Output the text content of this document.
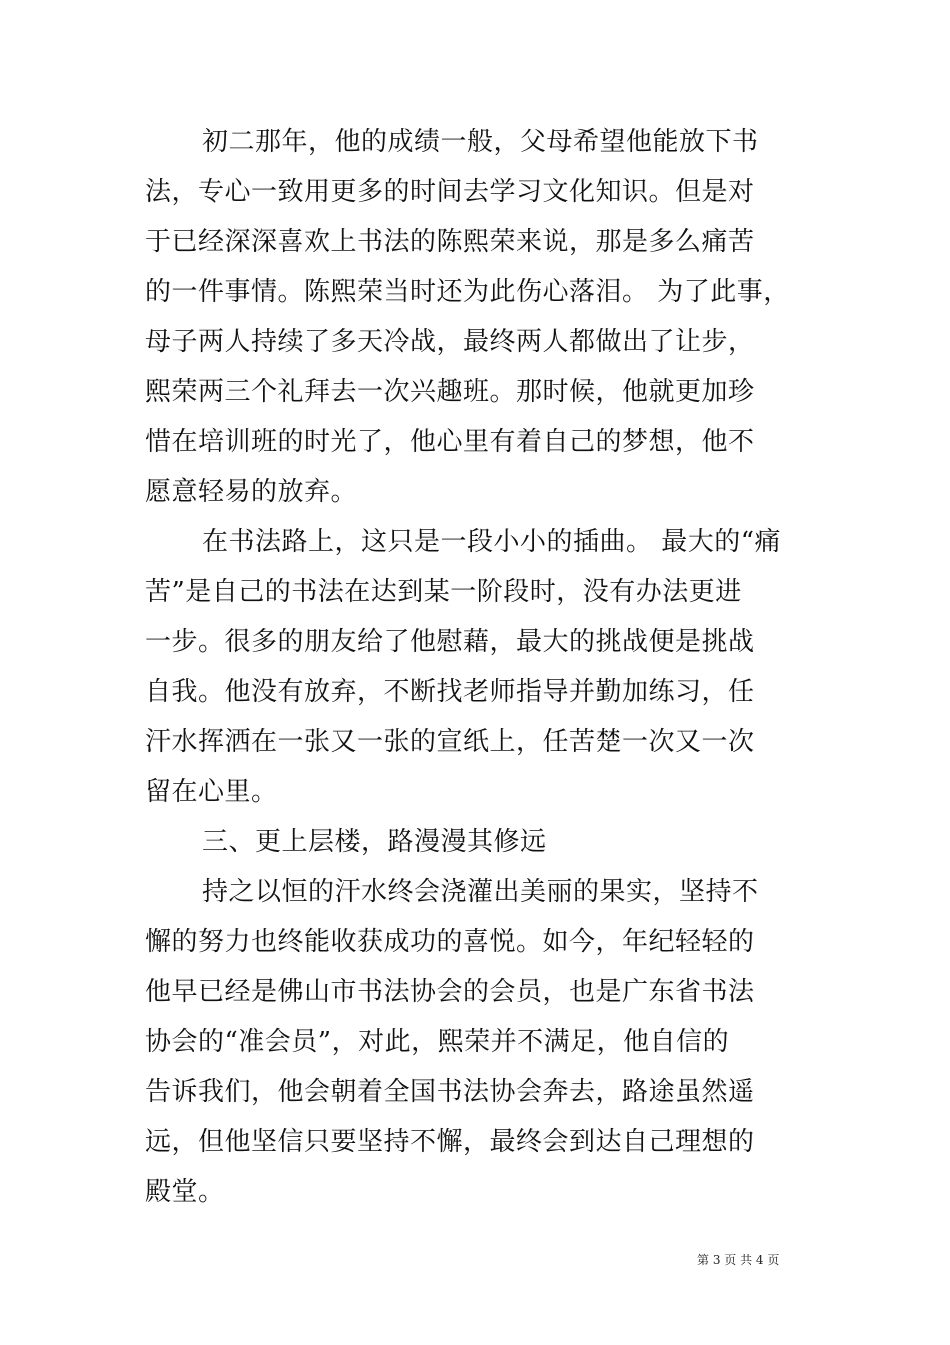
初二那年，他的成绩一般，父母希望他能放下书
法，专心一致用更多的时间去学习文化知识。但是对
于已经深深喜欢上书法的陈熙荣来说，那是多么痛苦
的一件事情。陈熙荣当时还为此伤心落泪。 为了此事，
母子两人持续了多天冷战，最终两人都做出了让步，
熙荣两三个礼拜去一次兴趣班。那时候，他就更加珍
惜在培训班的时光了，他心里有着自己的梦想，他不
愿意轻易的放弃。
在书法路上，这只是一段小小的插曲。 最大的“痛
苦”是自己的书法在达到某一阶段时，没有办法更进
一步。很多的朋友给了他慰藉，最大的挑战便是挑战
自我。他没有放弃，不断找老师指导并勤加练习，任
汗水挥洒在一张又一张的宣纸上，任苦楚一次又一次
留在心里。
三、更上层楼，路漫漫其修远
持之以恒的汗水终会浇灌出美丽的果实，坚持不
懈的努力也终能收获成功的喜悦。如今，年纪轻轻的
他早已经是佛山市书法协会的会员，也是广东省书法
协会的“准会员”，对此，熙荣并不满足，他自信的
告诉我们，他会朝着全国书法协会奔去，路途虽然遥
远，但他坚信只要坚持不懈，最终会到达自己理想的
殿堂。
第 3 页 共 4 页
